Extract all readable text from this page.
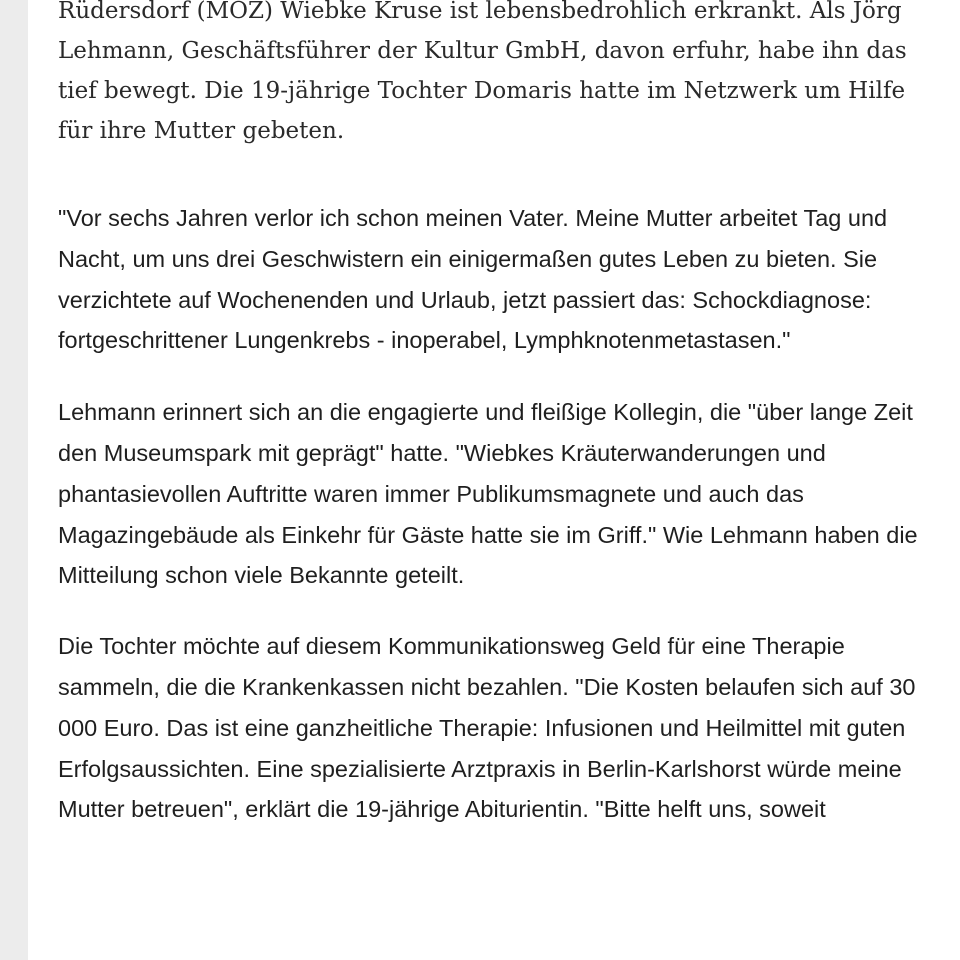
Rüdersdorf (MOZ) Wiebke Kruse ist lebensbedrohlich erkrankt. Als Jörg Lehmann, Geschäftsführer der Kultur GmbH, davon erfuhr, habe ihn das tief bewegt. Die 19-jährige Tochter Domaris hatte im Netzwerk um Hilfe für ihre Mutter gebeten.

"Vor sechs Jahren verlor ich schon meinen Vater. Meine Mutter arbeitet Tag und Nacht, um uns drei Geschwistern ein einigermaßen gutes Leben zu bieten. Sie verzichtete auf Wochenenden und Urlaub, jetzt passiert das: Schockdiagnose: fortgeschrittener Lungenkrebs - inoperabel, Lymphknotenmetastasen."

Lehmann erinnert sich an die engagierte und fleißige Kollegin, die "über lange Zeit den Museumspark mit geprägt" hatte. "Wiebkes Kräuterwanderungen und phantasievollen Auftritte waren immer Publikumsmagnete und auch das Magazingebäude als Einkehr für Gäste hatte sie im Griff." Wie Lehmann haben die Mitteilung schon viele Bekannte geteilt.

Die Tochter möchte auf diesem Kommunikationsweg Geld für eine Therapie sammeln, die die Krankenkassen nicht bezahlen. "Die Kosten belaufen sich auf 30 000 Euro. Das ist eine ganzheitliche Therapie: Infusionen und Heilmittel mit guten Erfolgsaussichten. Eine spezialisierte Arztpraxis in Berlin-Karlshorst würde meine Mutter betreuen", erklärt die 19-jährige Abiturientin. "Bitte helft uns, soweit
